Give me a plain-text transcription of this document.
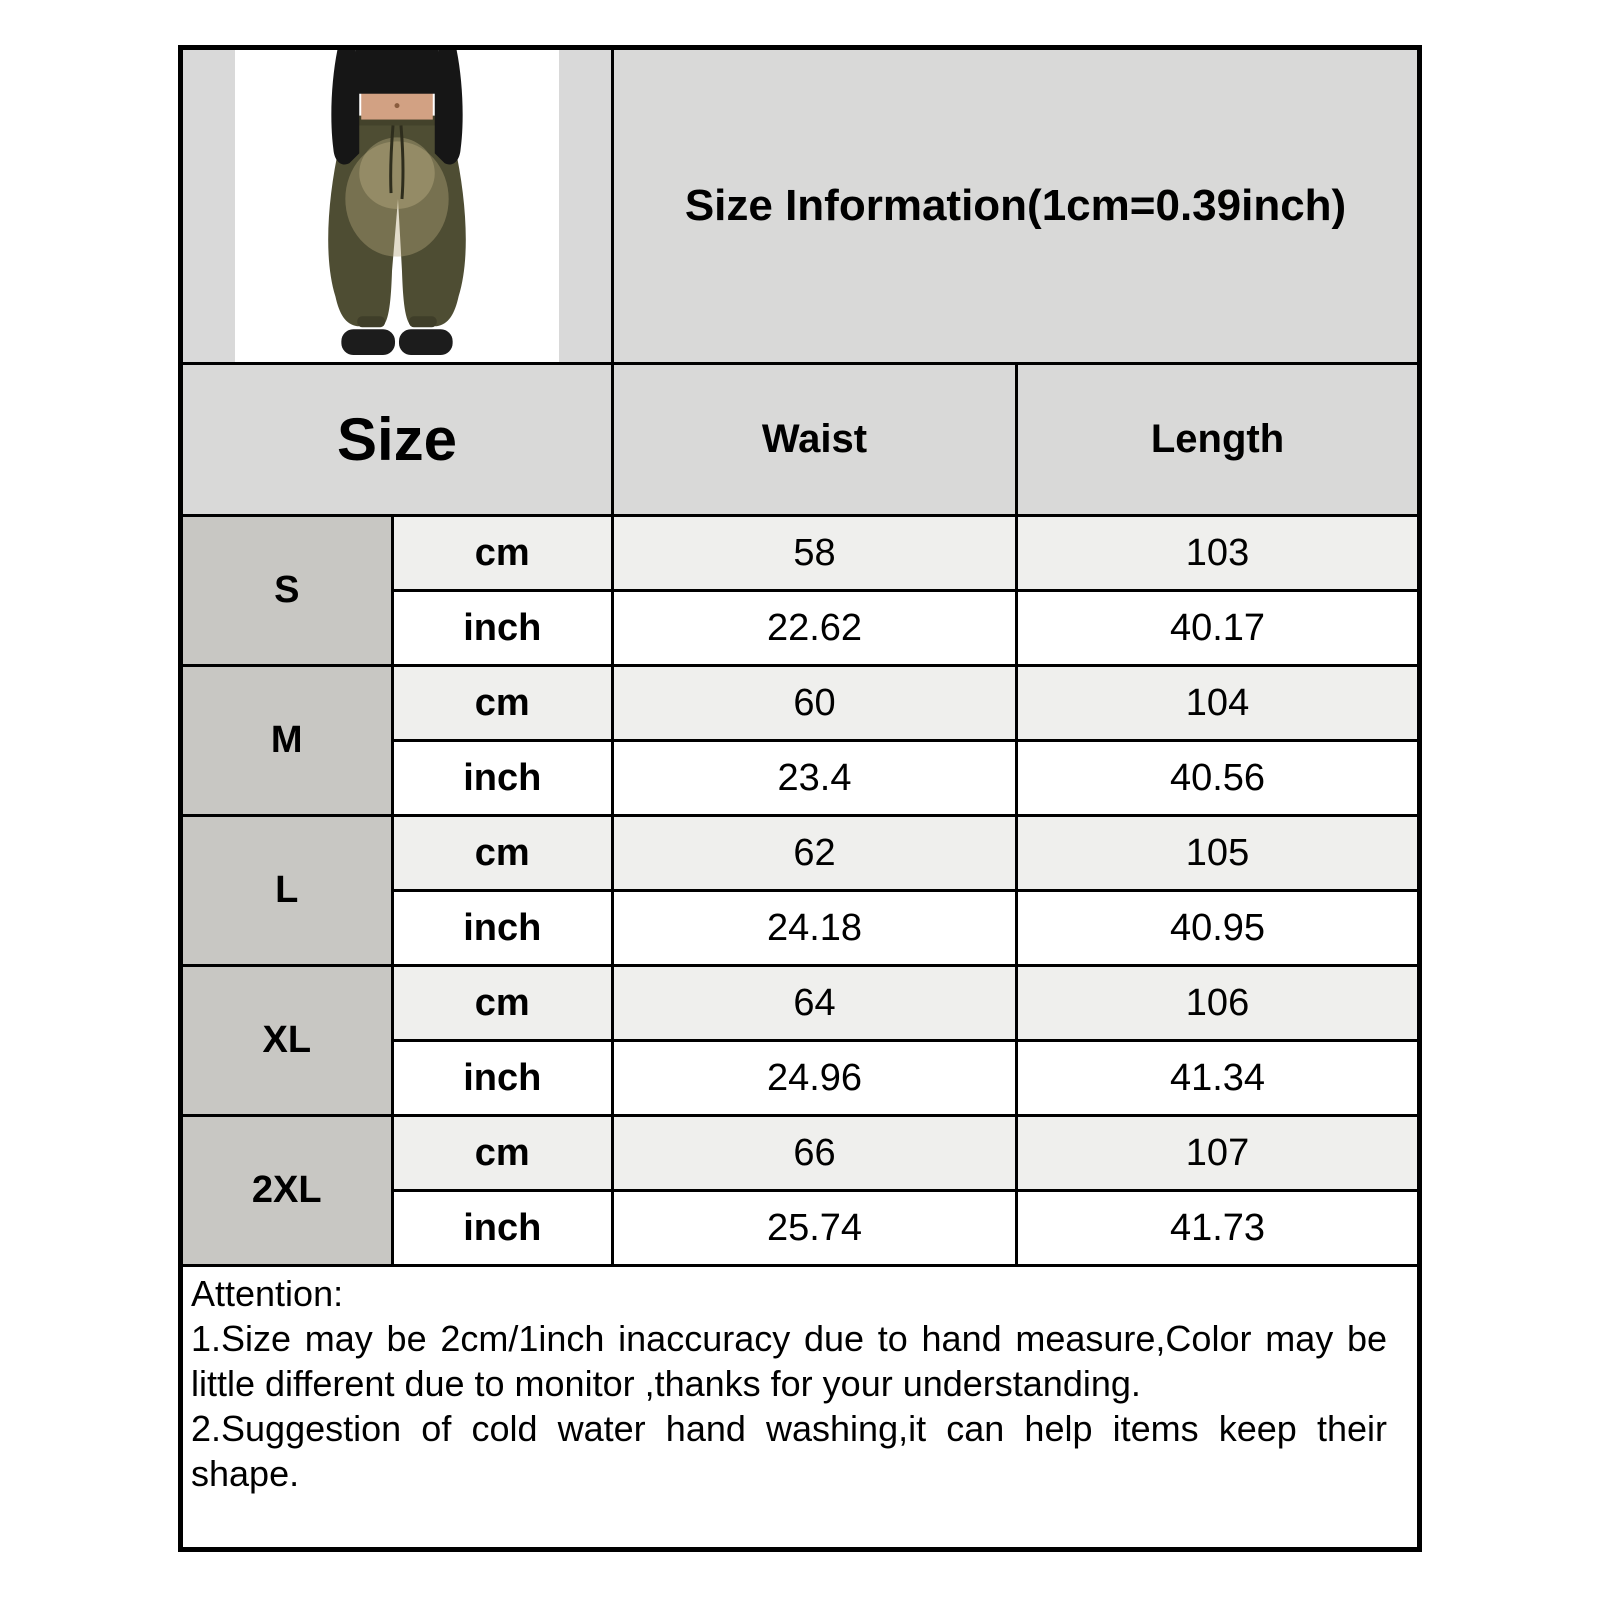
	Size Information(1cm=0.39inch)	
Size		Waist	Length
S	cm	58	103
	inch	22.62	40.17
M	cm	60	104
	inch	23.4	40.56
L	cm	62	105
	inch	24.18	40.95
XL	cm	64	106
	inch	24.96	41.34
2XL	cm	66	107
	inch	25.74	41.73

Attention:

1.Size may be 2cm/1inch inaccuracy due to hand measure,Color may be little different due to monitor ,thanks for your understanding.

2.Suggestion of cold water hand washing,it can help items keep their shape.			
